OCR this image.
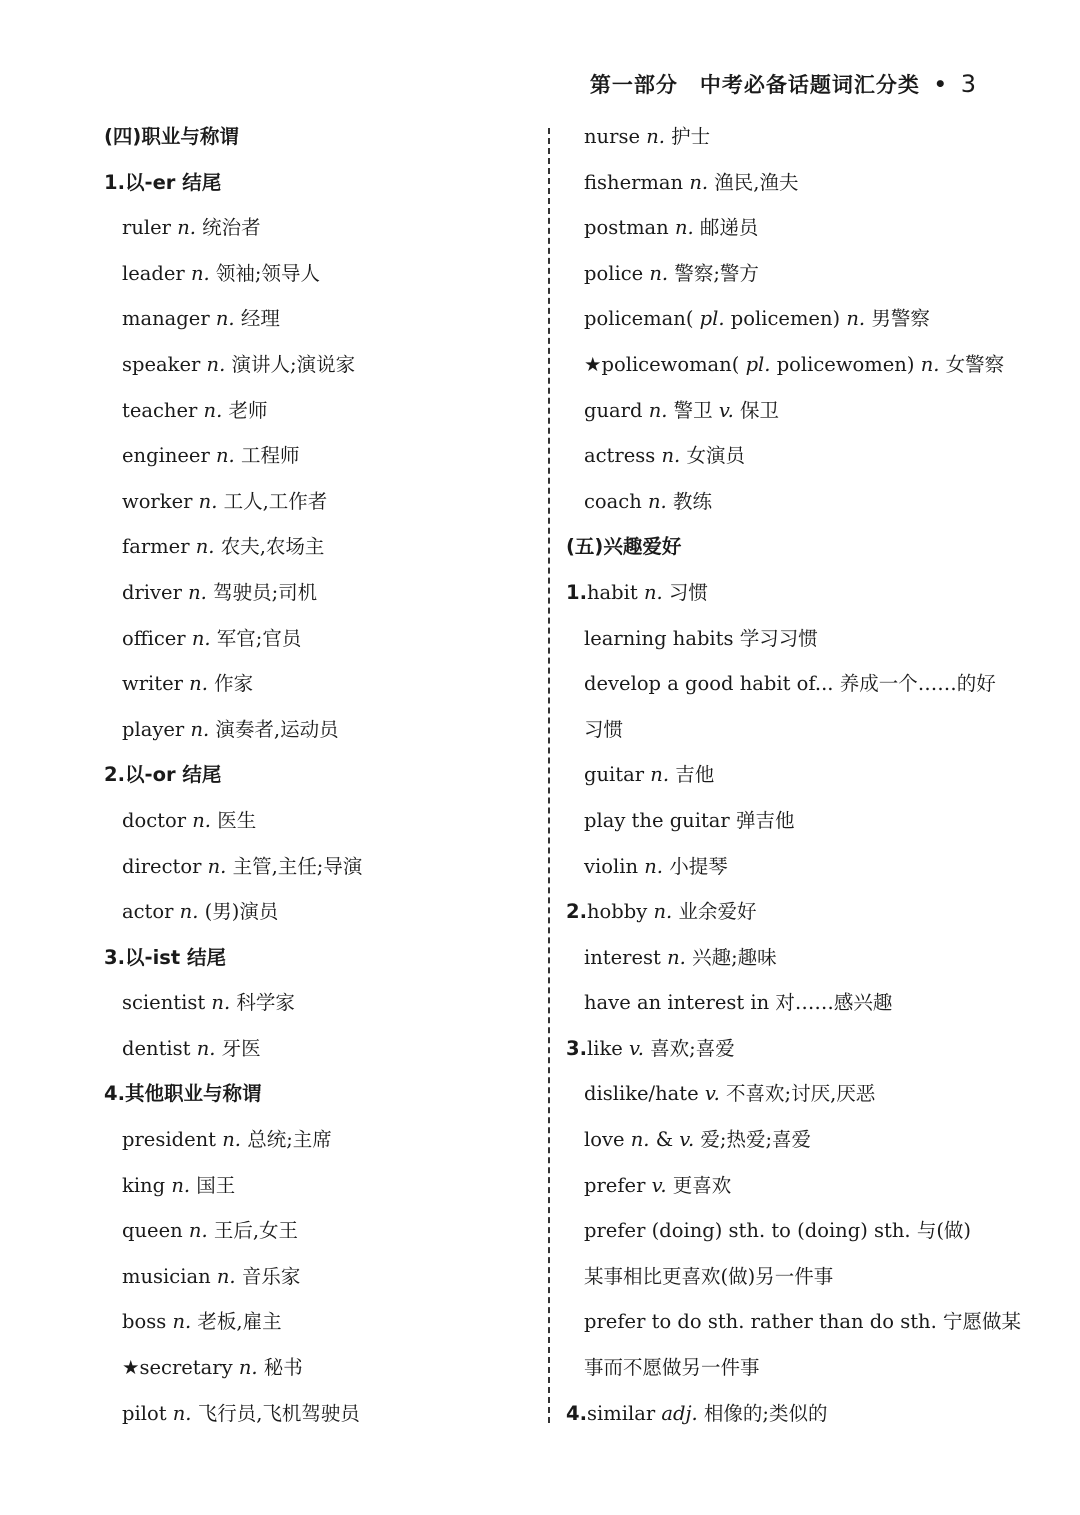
第一部分　中考必备话题词汇分类 • 3
(四)职业与称谓
1.以-er 结尾
ruler n. 统治者
leader n. 领袖;领导人
manager n. 经理
speaker n. 演讲人;演说家
teacher n. 老师
engineer n. 工程师
worker n. 工人,工作者
farmer n. 农夫,农场主
driver n. 驾驶员;司机
officer n. 军官;官员
writer n. 作家
player n. 演奏者,运动员
2.以-or 结尾
doctor n. 医生
director n. 主管,主任;导演
actor n. (男)演员
3.以-ist 结尾
scientist n. 科学家
dentist n. 牙医
4.其他职业与称谓
president n. 总统;主席
king n. 国王
queen n. 王后,女王
musician n. 音乐家
boss n. 老板,雇主
★secretary n. 秘书
pilot n. 飞行员,飞机驾驶员
nurse n. 护士
fisherman n. 渔民,渔夫
postman n. 邮递员
police n. 警察;警方
policeman( pl. policemen) n. 男警察
★policewoman( pl. policewomen) n. 女警察
guard n. 警卫 v. 保卫
actress n. 女演员
coach n. 教练
(五)兴趣爱好
1.habit n. 习惯
learning habits 学习习惯
develop a good habit of... 养成一个……的好
习惯
guitar n. 吉他
play the guitar 弹吉他
violin n. 小提琴
2.hobby n. 业余爱好
interest n. 兴趣;趣味
have an interest in 对……感兴趣
3.like v. 喜欢;喜爱
dislike/hate v. 不喜欢;讨厌,厌恶
love n. & v. 爱;热爱;喜爱
prefer v. 更喜欢
prefer (doing) sth. to (doing) sth. 与(做)
某事相比更喜欢(做)另一件事
prefer to do sth. rather than do sth. 宁愿做某
事而不愿做另一件事
4.similar adj. 相像的;类似的
